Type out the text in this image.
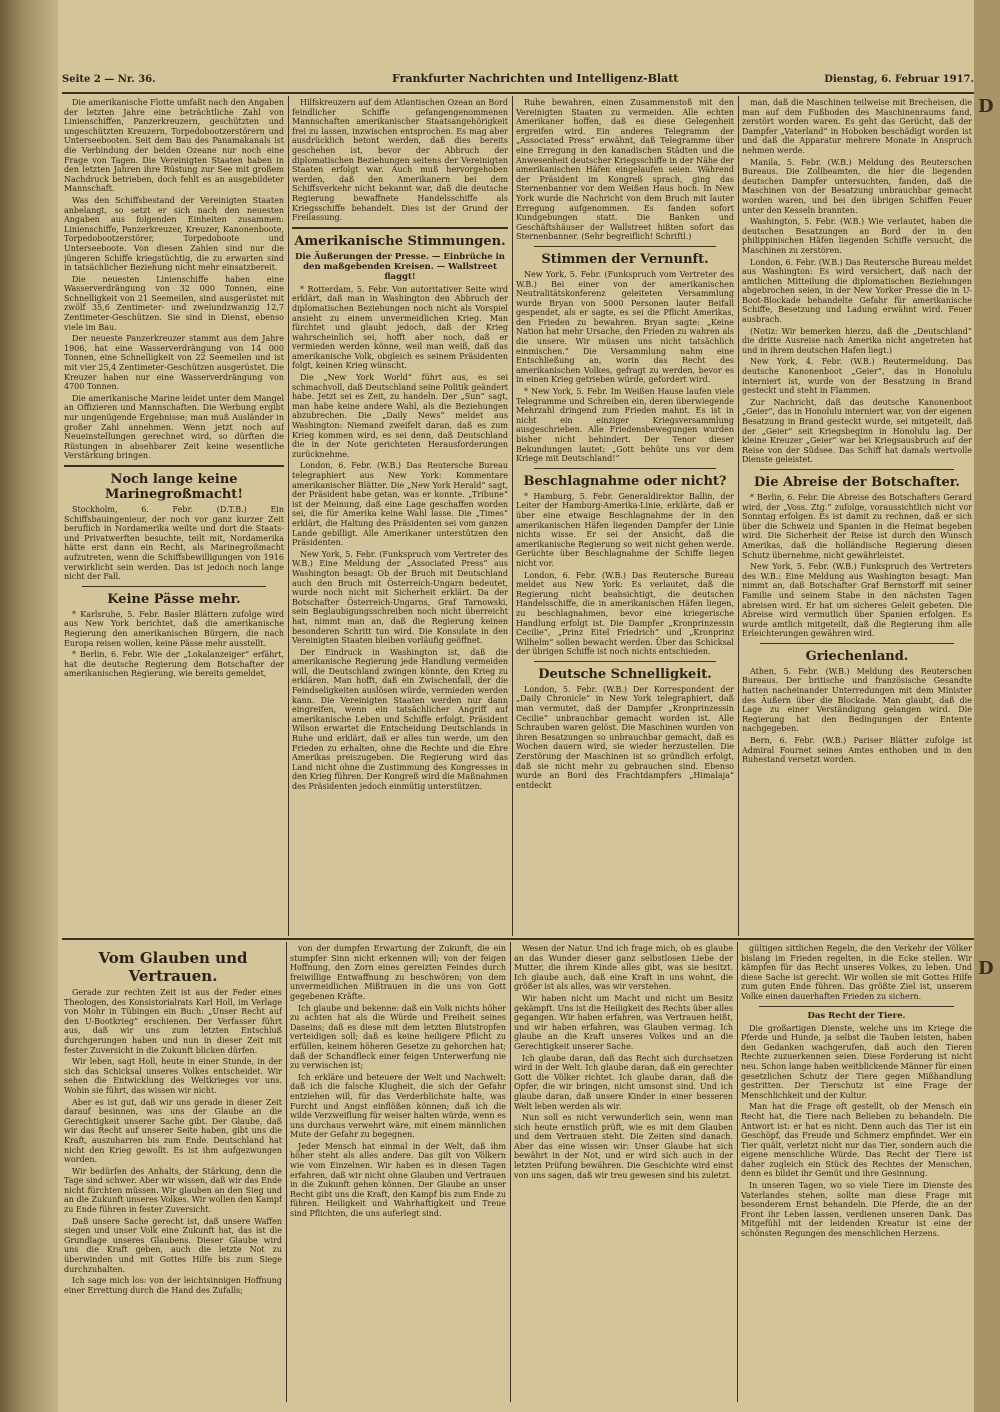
D
D
Seite 2 — Nr. 36.	Frankfurter Nachrichten und Intelligenz-Blatt	Dienstag, 6. Februar 1917.

Die amerikanische Flotte umfaßt nach den Angaben der letzten Jahre eine beträchtliche Zahl von Linienschiffen, Panzerkreuzern, geschützten und ungeschützten Kreuzern, Torpedobootzerstörern und Unterseebooten. Seit dem Bau des Panamakanals ist die Verbindung der beiden Ozeane nur noch eine Frage von Tagen. Die Vereinigten Staaten haben in den letzten Jahren ihre Rüstung zur See mit großem Nachdruck betrieben, doch fehlt es an ausgebildeter Mannschaft.

Was den Schiffsbestand der Vereinigten Staaten anbelangt, so setzt er sich nach den neuesten Angaben aus folgenden Einheiten zusammen: Linienschiffe, Panzerkreuzer, Kreuzer, Kanonenboote, Torpedobootzerstörer, Torpedoboote und Unterseeboote. Von diesen Zahlen sind nur die jüngeren Schiffe kriegstüchtig, die zu erwarten sind in tatsächlicher Beziehung nicht mehr einsatzbereit.

Die neuesten Linienschiffe haben eine Wasserverdrängung von 32 000 Tonnen, eine Schnelligkeit von 21 Seemeilen, sind ausgerüstet mit zwölf 35,6 Zentimeter- und zweiundzwanzig 12,7 Zentimeter-Geschützen. Sie sind in Dienst, ebenso viele im Bau.

Der neueste Panzerkreuzer stammt aus dem Jahre 1906, hat eine Wasserverdrängung von 14 000 Tonnen, eine Schnelligkeit von 22 Seemeilen und ist mit vier 25,4 Zentimeter-Geschützen ausgerüstet. Die Kreuzer haben nur eine Wasserverdrängung von 4700 Tonnen.

Die amerikanische Marine leidet unter dem Mangel an Offizieren und Mannschaften. Die Werbung ergibt nur ungenügende Ergebnisse; man muß Ausländer in großer Zahl annehmen. Wenn jetzt noch auf Neueinstellungen gerechnet wird, so dürften die Rüstungen in absehbarer Zeit keine wesentliche Verstärkung bringen.

Noch lange keine Marinegroßmacht!

Stockholm, 6. Febr. (D.T.B.) Ein Schiffsbauingenieur, der noch vor ganz kurzer Zeit beruflich in Nordamerika weilte und dort die Staats- und Privatwerften besuchte, teilt mit, Nordamerika hätte erst dann ein Recht, als Marinegroßmacht aufzutreten, wenn die Schiffsbewilligungen von 1916 verwirklicht sein werden. Das ist jedoch noch lange nicht der Fall.

Keine Pässe mehr.

* Karlsruhe, 5. Febr. Basler Blättern zufolge wird aus New York berichtet, daß die amerikanische Regierung den amerikanischen Bürgern, die nach Europa reisen wollen, keine Pässe mehr ausstellt.

* Berlin, 6. Febr. Wie der „Lokalanzeiger“ erfährt, hat die deutsche Regierung dem Botschafter der amerikanischen Regierung, wie bereits gemeldet,

Hilfskreuzern auf dem Atlantischen Ozean an Bord feindlicher Schiffe gefangengenommenen Mannschaften amerikanischer Staatsangehörigkeit frei zu lassen, inzwischen entsprochen. Es mag aber ausdrücklich betont werden, daß dies bereits geschehen ist, bevor der Abbruch der diplomatischen Beziehungen seitens der Vereinigten Staaten erfolgt war. Auch muß hervorgehoben werden, daß den Amerikanern bei dem Schiffsverkehr nicht bekannt war, daß die deutsche Regierung bewaffnete Handelsschiffe als Kriegsschiffe behandelt. Dies ist der Grund der Freilassung.

Amerikanische Stimmungen.
Die Äußerungen der Presse. — Einbrüche in den maßgebenden Kreisen. — Wallstreet flaggt!

* Rotterdam, 5. Febr. Von autoritativer Seite wird erklärt, daß man in Washington den Abbruch der diplomatischen Beziehungen noch nicht als Vorspiel ansieht zu einem unvermeidlichen Krieg. Man fürchtet und glaubt jedoch, daß der Krieg wahrscheinlich sei, hofft aber noch, daß er vermieden werden könne, weil man weiß, daß das amerikanische Volk, obgleich es seinem Präsidenten folgt, keinen Krieg wünscht.

Die „New York World“ führt aus, es sei schmachvoll, daß Deutschland seine Politik geändert habe. Jetzt sei es Zeit, zu handeln. Der „Sun“ sagt, man habe keine andere Wahl, als die Beziehungen abzubrechen. Die „Daily News“ meldet aus Washington: Niemand zweifelt daran, daß es zum Krieg kommen wird, es sei denn, daß Deutschland die in der Note gerichteten Herausforderungen zurücknehme.

London, 6. Febr. (W.B.) Das Reutersche Bureau telegraphiert aus New York: Kommentare amerikanischer Blätter. Die „New York Herald“ sagt, der Präsident habe getan, was er konnte. „Tribune“ ist der Meinung, daß eine Lage geschaffen worden sei, die für Amerika keine Wahl lasse. Die „Times“ erklärt, die Haltung des Präsidenten sei vom ganzen Lande gebilligt. Alle Amerikaner unterstützen den Präsidenten.

New York, 5. Febr. (Funkspruch vom Vertreter des W.B.) Eine Meldung der „Associated Press“ aus Washington besagt: Ob der Bruch mit Deutschland auch den Bruch mit Österreich-Ungarn bedeutet, wurde noch nicht mit Sicherheit erklärt. Da der Botschafter Österreich-Ungarns, Graf Tarnowski, sein Beglaubigungsschreiben noch nicht überreicht hat, nimmt man an, daß die Regierung keinen besonderen Schritt tun wird. Die Konsulate in den Vereinigten Staaten bleiben vorläufig geöffnet.

Der Eindruck in Washington ist, daß die amerikanische Regierung jede Handlung vermeiden will, die Deutschland zwingen könnte, den Krieg zu erklären. Man hofft, daß ein Zwischenfall, der die Feindseligkeiten auslösen würde, vermieden werden kann. Die Vereinigten Staaten werden nur dann eingreifen, wenn ein tatsächlicher Angriff auf amerikanische Leben und Schiffe erfolgt. Präsident Wilson erwartet die Entscheidung Deutschlands in Ruhe und erklärt, daß er alles tun werde, um den Frieden zu erhalten, ohne die Rechte und die Ehre Amerikas preiszugeben. Die Regierung wird das Land nicht ohne die Zustimmung des Kongresses in den Krieg führen. Der Kongreß wird die Maßnahmen des Präsidenten jedoch einmütig unterstützen.

Ruhe bewahren, einen Zusammenstoß mit den Vereinigten Staaten zu vermeiden. Alle echten Amerikaner hoffen, daß es diese Gelegenheit ergreifen wird. Ein anderes Telegramm der „Associated Press“ erwähnt, daß Telegramme über eine Erregung in den kanadischen Städten und die Anwesenheit deutscher Kriegsschiffe in der Nähe der amerikanischen Häfen eingelaufen seien. Während der Präsident im Kongreß sprach, ging das Sternenbanner vor dem Weißen Haus hoch. In New York wurde die Nachricht von dem Bruch mit lauter Erregung aufgenommen. Es fanden sofort Kundgebungen statt. Die Banken und Geschäftshäuser der Wallstreet hißten sofort das Sternenbanner. (Sehr begreiflich! Schriftl.)

Stimmen der Vernunft.

New York, 5. Febr. (Funkspruch vom Vertreter des W.B.) Bei einer von der amerikanischen Neutralitätskonferenz geleiteten Versammlung wurde Bryan von 5000 Personen lauter Beifall gespendet, als er sagte, es sei die Pflicht Amerikas, den Frieden zu bewahren. Bryan sagte: „Keine Nation hat mehr Ursache, den Frieden zu wahren als die unsere. Wir müssen uns nicht tatsächlich einmischen.“ Die Versammlung nahm eine Entschließung an, worin das Recht des amerikanischen Volkes, gefragt zu werden, bevor es in einen Krieg getrieben würde, gefordert wird.

* New York, 5. Febr. Im Weißen Hause laufen viele Telegramme und Schreiben ein, deren überwiegende Mehrzahl dringend zum Frieden mahnt. Es ist in nicht ein einziger Kriegsversammlung ausgeschrieben. Alle Friedensbewegungen wurden bisher nicht behindert. Der Tenor dieser Bekundungen lautet: „Gott behüte uns vor dem Kriege mit Deutschland!“

Beschlagnahme oder nicht?

* Hamburg, 5. Febr. Generaldirektor Ballin, der Leiter der Hamburg-Amerika-Linie, erklärte, daß er über eine etwaige Beschlagnahme der in den amerikanischen Häfen liegenden Dampfer der Linie nichts wisse. Er sei der Ansicht, daß die amerikanische Regierung so weit nicht gehen werde. Gerüchte über Beschlagnahme der Schiffe liegen nicht vor.

London, 6. Febr. (W.B.) Das Reutersche Bureau meldet aus New York: Es verlautet, daß die Regierung nicht beabsichtigt, die deutschen Handelsschiffe, die in amerikanischen Häfen liegen, zu beschlagnahmen, bevor eine kriegerische Handlung erfolgt ist. Die Dampfer „Kronprinzessin Cecilie“, „Prinz Eitel Friedrich“ und „Kronprinz Wilhelm“ sollen bewacht werden. Über das Schicksal der übrigen Schiffe ist noch nichts entschieden.

Deutsche Schnelligkeit.

London, 5. Febr. (W.B.) Der Korrespondent der „Daily Chronicle“ in New York telegraphiert, daß man vermutet, daß der Dampfer „Kronprinzessin Cecilie“ unbrauchbar gemacht worden ist. Alle Schrauben waren gelöst. Die Maschinen wurden von ihren Besatzungen so unbrauchbar gemacht, daß es Wochen dauern wird, sie wieder herzustellen. Die Zerstörung der Maschinen ist so gründlich erfolgt, daß sie nicht mehr zu gebrauchen sind. Ebenso wurde an Bord des Frachtdampfers „Himalaja“ entdeckt

man, daß die Maschinen teilweise mit Brecheisen, die man auf dem Fußboden des Maschinenraums fand, zerstört worden waren. Es geht das Gerücht, daß der Dampfer „Vaterland“ in Hoboken beschädigt worden ist und daß die Apparatur mehrere Monate in Anspruch nehmen werde.

Manila, 5. Febr. (W.B.) Meldung des Reuterschen Bureaus. Die Zollbeamten, die hier die liegenden deutschen Dampfer untersuchten, fanden, daß die Maschinen von der Besatzung unbrauchbar gemacht worden waren, und bei den übrigen Schiffen Feuer unter den Kesseln brannten.

Washington, 5. Febr. (W.B.) Wie verlautet, haben die deutschen Besatzungen an Bord der in den philippinischen Häfen liegenden Schiffe versucht, die Maschinen zu zerstören.

London, 6. Febr. (W.B.) Das Reutersche Bureau meldet aus Washington: Es wird versichert, daß nach der amtlichen Mitteilung die diplomatischen Beziehungen abgebrochen seien, in der New Yorker Presse die in U-Boot-Blockade behandelte Gefahr für amerikanische Schiffe, Besetzung und Ladung erwähnt wird. Feuer ausbrach.

(Notiz: Wir bemerken hierzu, daß die „Deutschland“ die dritte Ausreise nach Amerika nicht angetreten hat und in ihrem deutschen Hafen liegt.)

New York, 4. Febr. (W.B.) Reutermeldung. Das deutsche Kanonenboot „Geier“, das in Honolulu interniert ist, wurde von der Besatzung in Brand gesteckt und steht in Flammen.

Zur Nachricht, daß das deutsche Kanonenboot „Geier“, das in Honolulu interniert war, von der eigenen Besatzung in Brand gesteckt wurde, sei mitgeteilt, daß der „Geier“ seit Kriegsbeginn in Honolulu lag. Der kleine Kreuzer „Geier“ war bei Kriegsausbruch auf der Reise von der Südsee. Das Schiff hat damals wertvolle Dienste geleistet.

Die Abreise der Botschafter.

* Berlin, 6. Febr. Die Abreise des Botschafters Gerard wird, der „Voss. Ztg.“ zufolge, voraussichtlich nicht vor Sonntag erfolgen. Es ist damit zu rechnen, daß er sich über die Schweiz und Spanien in die Heimat begeben wird. Die Sicherheit der Reise ist durch den Wunsch Amerikas, daß die holländische Regierung diesen Schutz übernehme, nicht gewährleistet.

New York, 5. Febr. (W.B.) Funkspruch des Vertreters des W.B.: Eine Meldung aus Washington besagt: Man nimmt an, daß Botschafter Graf Bernstorff mit seiner Familie und seinem Stabe in den nächsten Tagen abreisen wird. Er hat um sicheres Geleit gebeten. Die Abreise wird vermutlich über Spanien erfolgen. Es wurde amtlich mitgeteilt, daß die Regierung ihm alle Erleichterungen gewähren wird.

Griechenland.

Athen, 5. Febr. (W.B.) Meldung des Reuterschen Bureaus. Der britische und französische Gesandte hatten nacheinander Unterredungen mit dem Minister des Äußern über die Blockade. Man glaubt, daß die Lage zu einer Verständigung gelangen wird. Die Regierung hat den Bedingungen der Entente nachgegeben.

Bern, 6. Febr. (W.B.) Pariser Blätter zufolge ist Admiral Fournet seines Amtes enthoben und in den Ruhestand versetzt worden.

Vom Glauben und Vertrauen.

Gerade zur rechten Zeit ist aus der Feder eines Theologen, des Konsistorialrats Karl Holl, im Verlage von Mohr in Tübingen ein Buch: „Unser Recht auf den U-Bootkrieg“ erschienen. Der Verfasser führt aus, daß wir uns zum letzten Entschluß durchgerungen haben und nun in dieser Zeit mit fester Zuversicht in die Zukunft blicken dürfen.

Wir leben, sagt Holl, heute in einer Stunde, in der sich das Schicksal unseres Volkes entscheidet. Wir sehen die Entwicklung des Weltkrieges vor uns. Wohin sie führt, das wissen wir nicht.

Aber es ist gut, daß wir uns gerade in dieser Zeit darauf besinnen, was uns der Glaube an die Gerechtigkeit unserer Sache gibt. Der Glaube, daß wir das Recht auf unserer Seite haben, gibt uns die Kraft, auszuharren bis zum Ende. Deutschland hat nicht den Krieg gewollt. Es ist ihm aufgezwungen worden.

Wir bedürfen des Anhalts, der Stärkung, denn die Tage sind schwer. Aber wir wissen, daß wir das Ende nicht fürchten müssen. Wir glauben an den Sieg und an die Zukunft unseres Volkes. Wir wollen den Kampf zu Ende führen in fester Zuversicht.

Daß unsere Sache gerecht ist, daß unsere Waffen siegen und unser Volk eine Zukunft hat, das ist die Grundlage unseres Glaubens. Dieser Glaube wird uns die Kraft geben, auch die letzte Not zu überwinden und mit Gottes Hilfe bis zum Siege durchzuhalten.

Ich sage mich los: von der leichtsinnigen Hoffnung einer Errettung durch die Hand des Zufalls;

von der dumpfen Erwartung der Zukunft, die ein stumpfer Sinn nicht erkennen will; von der feigen Hoffnung, den Zorn eines gereizten Feindes durch freiwillige Entwaffnung zu beschwören; von dem unvermeidlichen Mißtrauen in die uns von Gott gegebenen Kräfte.

Ich glaube und bekenne: daß ein Volk nichts höher zu achten hat als die Würde und Freiheit seines Daseins; daß es diese mit dem letzten Blutstropfen verteidigen soll; daß es keine heiligere Pflicht zu erfüllen, keinem höheren Gesetze zu gehorchen hat; daß der Schandfleck einer feigen Unterwerfung nie zu verwischen ist;

Ich erkläre und beteuere der Welt und Nachwelt: daß ich die falsche Klugheit, die sich der Gefahr entziehen will, für das Verderblichste halte, was Furcht und Angst einflößen können; daß ich die wilde Verzweiflung für weiser halten würde, wenn es uns durchaus verwehrt wäre, mit einem männlichen Mute der Gefahr zu begegnen.

Jeder Mensch hat einmal in der Welt, daß ihm höher steht als alles andere. Das gilt von Völkern wie vom Einzelnen. Wir haben es in diesen Tagen erfahren, daß wir nicht ohne Glauben und Vertrauen in die Zukunft gehen können. Der Glaube an unser Recht gibt uns die Kraft, den Kampf bis zum Ende zu führen. Heiligkeit und Wahrhaftigkeit und Treue sind Pflichten, die uns auferlegt sind.

Wesen der Natur. Und ich frage mich, ob es glaube an das Wunder dieser ganz selbstlosen Liebe der Mutter, die ihrem Kinde alles gibt, was sie besitzt. Ich glaube auch, daß eine Kraft in uns wohnt, die größer ist als alles, was wir verstehen.

Wir haben nicht um Macht und nicht um Besitz gekämpft. Uns ist die Heiligkeit des Rechts über alles gegangen. Wir haben erfahren, was Vertrauen heißt, und wir haben erfahren, was Glauben vermag. Ich glaube an die Kraft unseres Volkes und an die Gerechtigkeit unserer Sache.

Ich glaube daran, daß das Recht sich durchsetzen wird in der Welt. Ich glaube daran, daß ein gerechter Gott die Völker richtet. Ich glaube daran, daß die Opfer, die wir bringen, nicht umsonst sind. Und ich glaube daran, daß unsere Kinder in einer besseren Welt leben werden als wir.

Nun soll es nicht verwunderlich sein, wenn man sich heute ernstlich prüft, wie es mit dem Glauben und dem Vertrauen steht. Die Zeiten sind danach. Aber das eine wissen wir: Unser Glaube hat sich bewährt in der Not, und er wird sich auch in der letzten Prüfung bewähren. Die Geschichte wird einst von uns sagen, daß wir treu gewesen sind bis zuletzt.

gültigen sittlichen Regeln, die den Verkehr der Völker bislang im Frieden regelten, in die Ecke stellen. Wir kämpfen für das Recht unseres Volkes, zu leben. Und diese Sache ist gerecht. Wir wollen sie mit Gottes Hilfe zum guten Ende führen. Das größte Ziel ist, unserem Volke einen dauerhaften Frieden zu sichern.

Das Recht der Tiere.

Die großartigen Dienste, welche uns im Kriege die Pferde und Hunde, ja selbst die Tauben leisten, haben den Gedanken wachgerufen, daß auch den Tieren Rechte zuzuerkennen seien. Diese Forderung ist nicht neu. Schon lange haben weitblickende Männer für einen gesetzlichen Schutz der Tiere gegen Mißhandlung gestritten. Der Tierschutz ist eine Frage der Menschlichkeit und der Kultur.

Man hat die Frage oft gestellt, ob der Mensch ein Recht hat, die Tiere nach Belieben zu behandeln. Die Antwort ist: er hat es nicht. Denn auch das Tier ist ein Geschöpf, das Freude und Schmerz empfindet. Wer ein Tier quält, verletzt nicht nur das Tier, sondern auch die eigene menschliche Würde. Das Recht der Tiere ist daher zugleich ein Stück des Rechtes der Menschen, denn es bildet ihr Gemüt und ihre Gesinnung.

In unseren Tagen, wo so viele Tiere im Dienste des Vaterlandes stehen, sollte man diese Frage mit besonderem Ernst behandeln. Die Pferde, die an der Front ihr Leben lassen, verdienen unseren Dank. Das Mitgefühl mit der leidenden Kreatur ist eine der schönsten Regungen des menschlichen Herzens.
